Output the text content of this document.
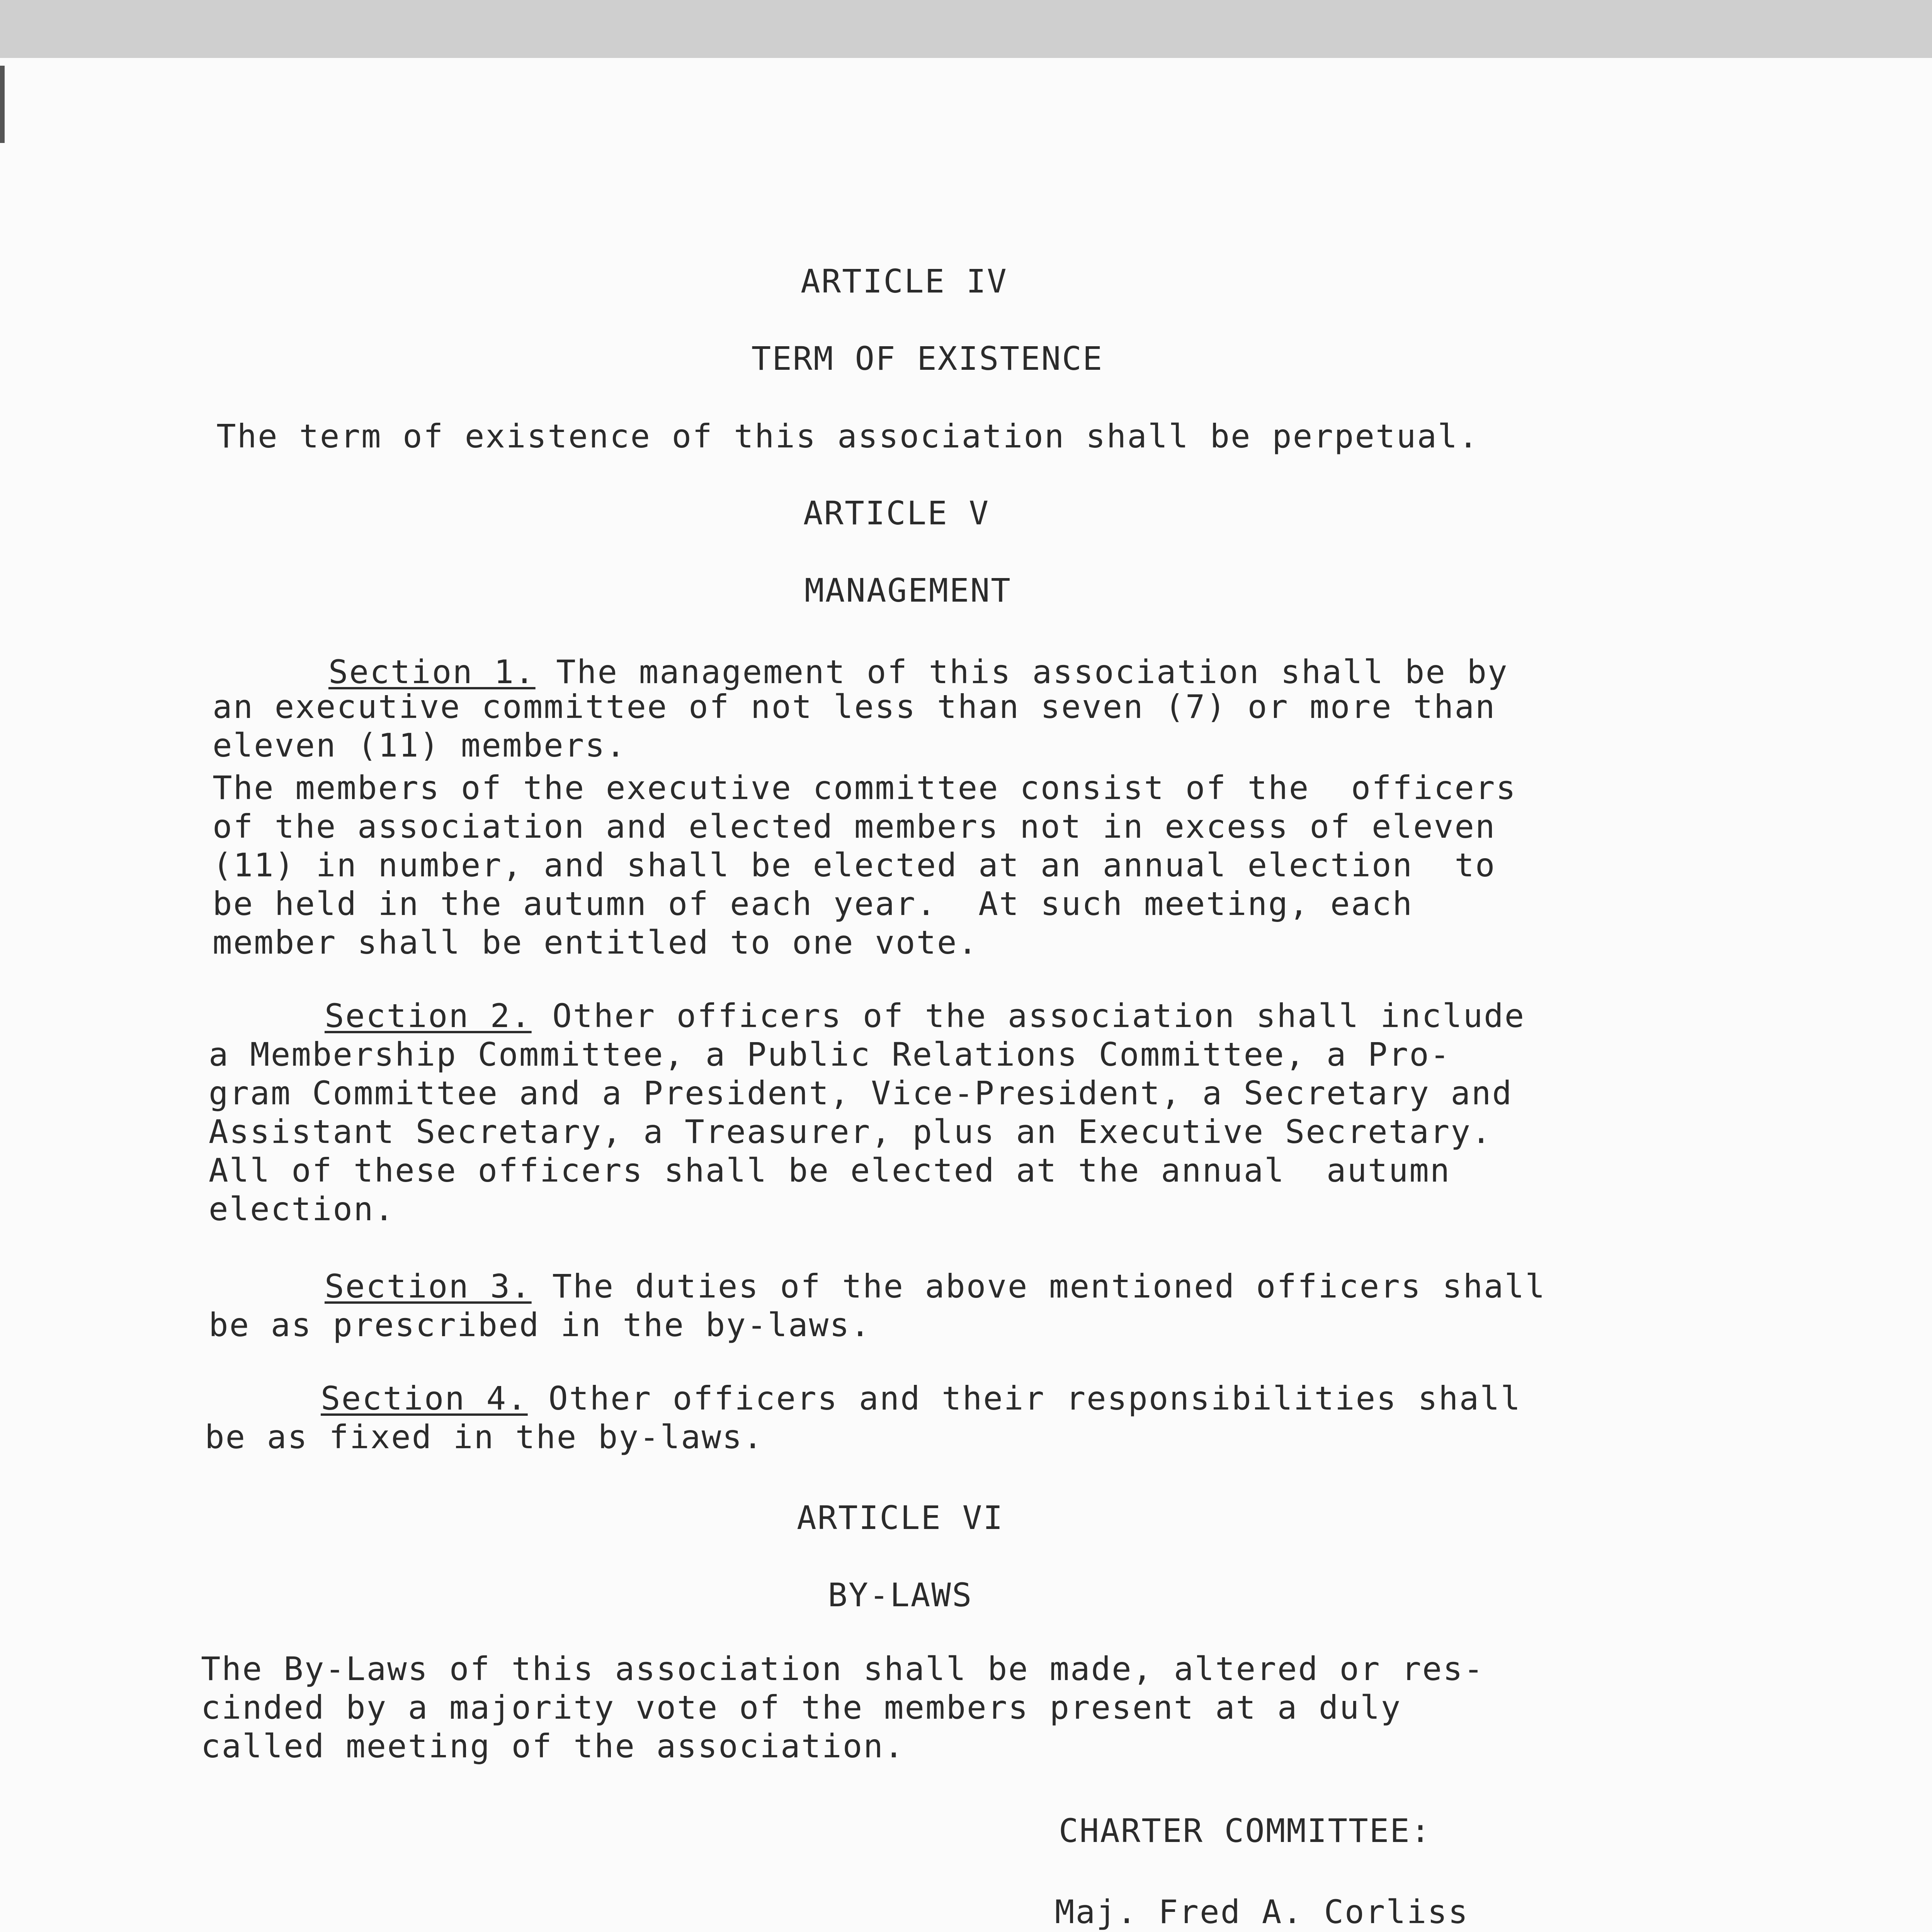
ARTICLE IV
TERM OF EXISTENCE
The term of existence of this association shall be perpetual.
ARTICLE V
MANAGEMENT
Section 1. The management of this association shall be by
an executive committee of not less than seven (7) or more than
eleven (11) members.
The members of the executive committee consist of the  officers
of the association and elected members not in excess of eleven
(11) in number, and shall be elected at an annual election  to
be held in the autumn of each year.  At such meeting, each
member shall be entitled to one vote.
Section 2. Other officers of the association shall include
a Membership Committee, a Public Relations Committee, a Pro-
gram Committee and a President, Vice-President, a Secretary and
Assistant Secretary, a Treasurer, plus an Executive Secretary.
All of these officers shall be elected at the annual  autumn
election.
Section 3. The duties of the above mentioned officers shall
be as prescribed in the by-laws.
Section 4. Other officers and their responsibilities shall
be as fixed in the by-laws.
ARTICLE VI
BY-LAWS
The By-Laws of this association shall be made, altered or res-
cinded by a majority vote of the members present at a duly
called meeting of the association.
CHARTER COMMITTEE:
Maj. Fred A. Corliss
